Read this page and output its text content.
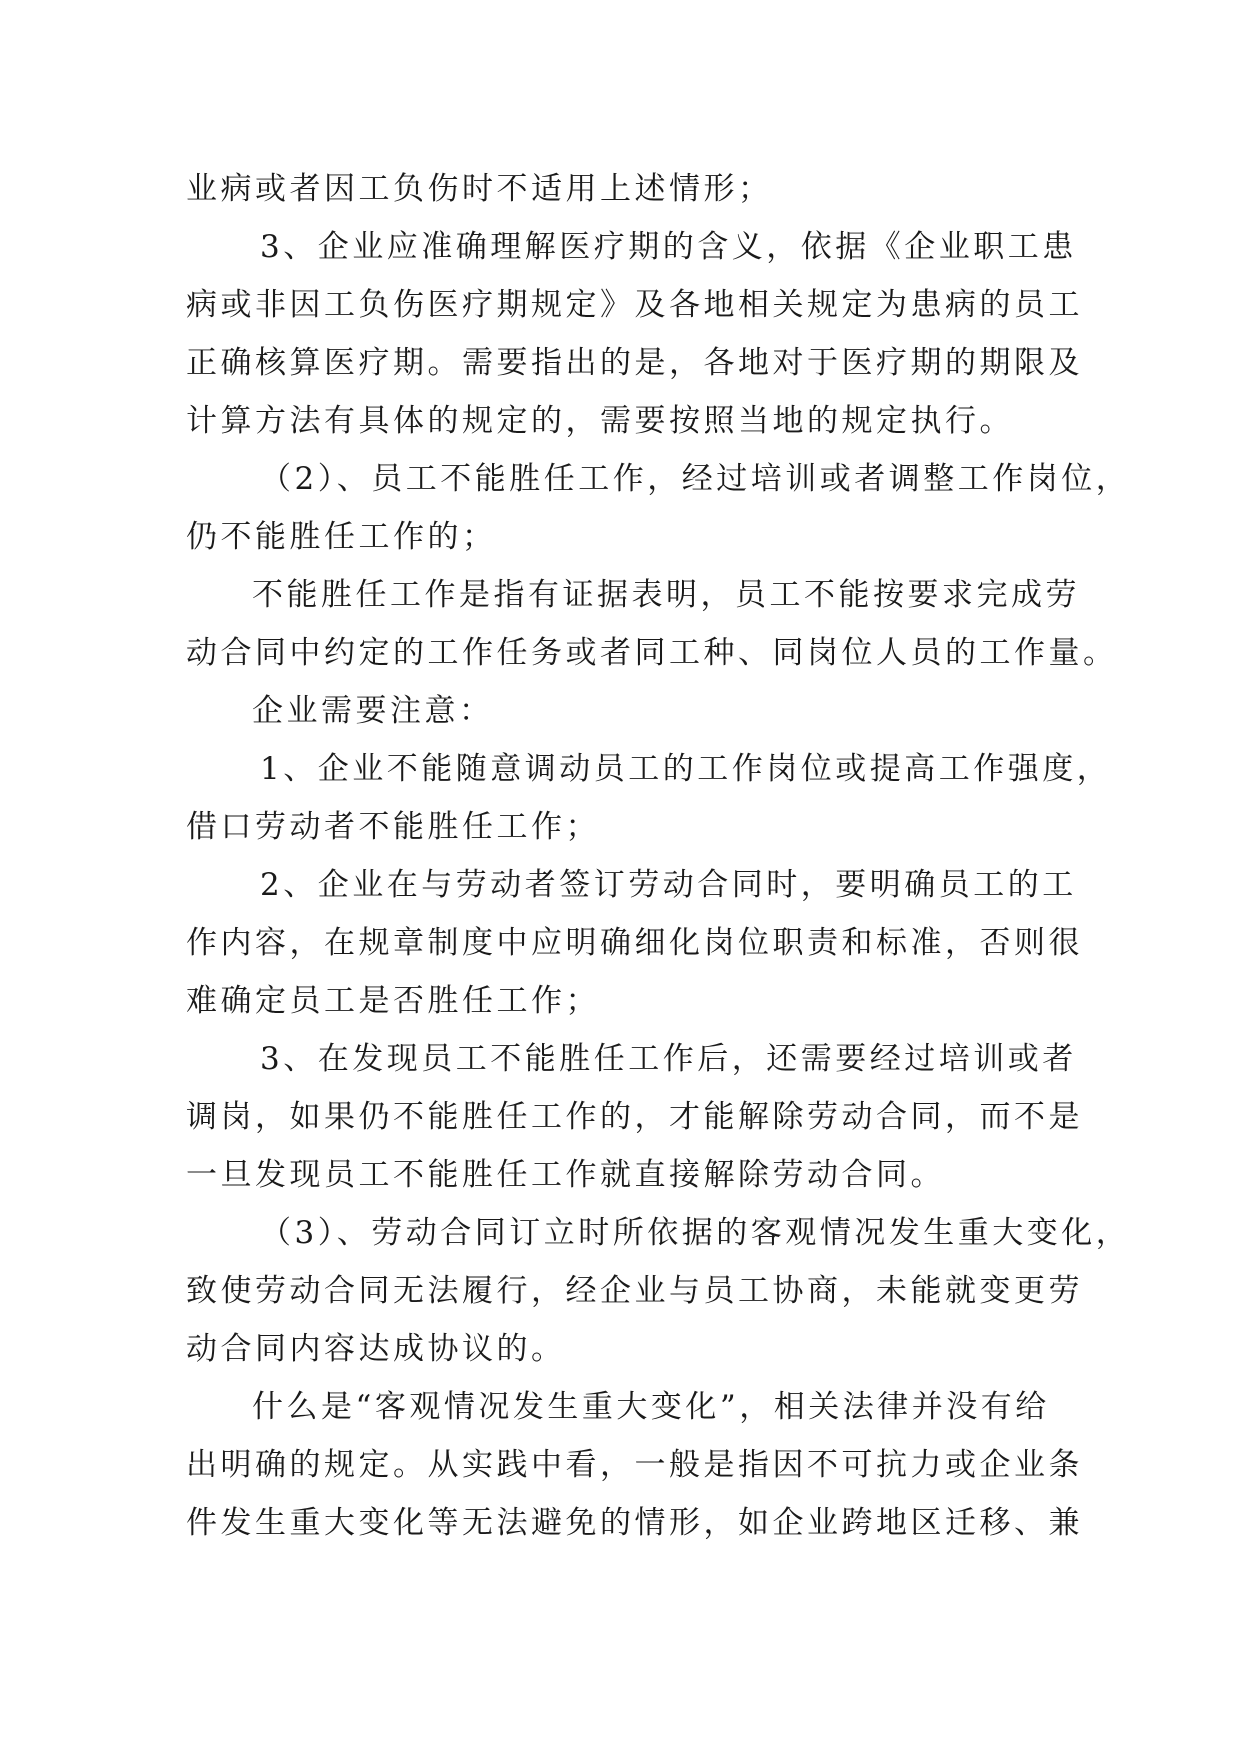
业病或者因工负伤时不适用上述情形；
3、企业应准确理解医疗期的含义，依据《企业职工患
病或非因工负伤医疗期规定》及各地相关规定为患病的员工
正确核算医疗期。需要指出的是，各地对于医疗期的期限及
计算方法有具体的规定的，需要按照当地的规定执行。
（2）、员工不能胜任工作，经过培训或者调整工作岗位，
仍不能胜任工作的；
不能胜任工作是指有证据表明，员工不能按要求完成劳
动合同中约定的工作任务或者同工种、同岗位人员的工作量。
企业需要注意：
1、企业不能随意调动员工的工作岗位或提高工作强度，
借口劳动者不能胜任工作；
2、企业在与劳动者签订劳动合同时，要明确员工的工
作内容，在规章制度中应明确细化岗位职责和标准，否则很
难确定员工是否胜任工作；
3、在发现员工不能胜任工作后，还需要经过培训或者
调岗，如果仍不能胜任工作的，才能解除劳动合同，而不是
一旦发现员工不能胜任工作就直接解除劳动合同。
（3）、劳动合同订立时所依据的客观情况发生重大变化，
致使劳动合同无法履行，经企业与员工协商，未能就变更劳
动合同内容达成协议的。
什么是“客观情况发生重大变化”，相关法律并没有给
出明确的规定。从实践中看，一般是指因不可抗力或企业条
件发生重大变化等无法避免的情形，如企业跨地区迁移、兼
